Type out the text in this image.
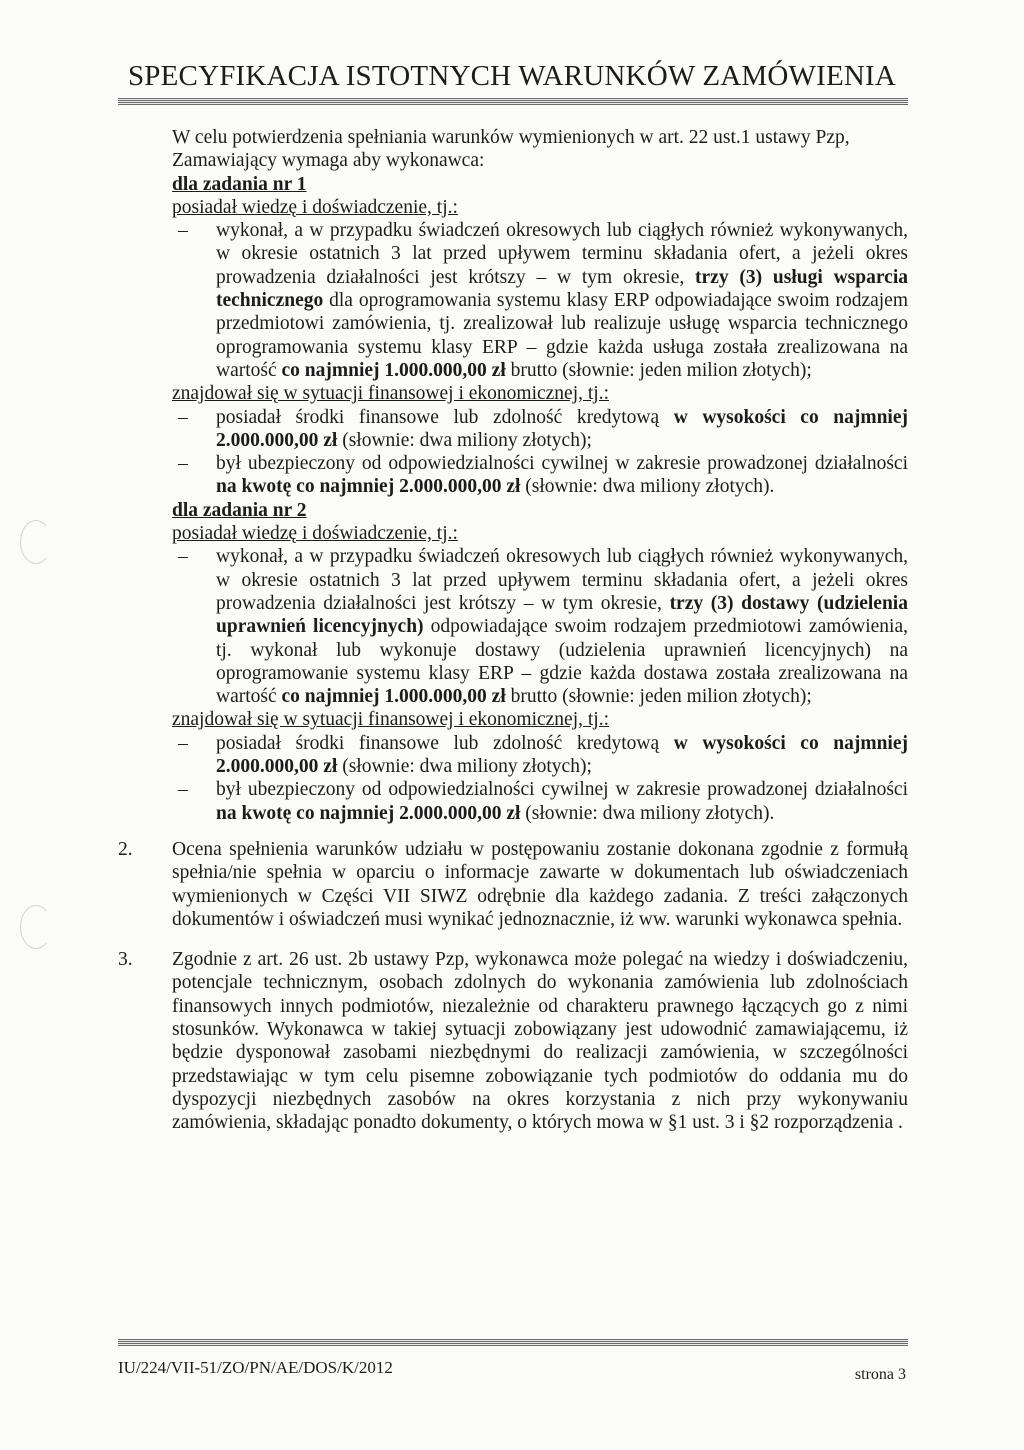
SPECYFIKACJA ISTOTNYCH WARUNKÓW ZAMÓWIENIA

W celu potwierdzenia spełniania warunków wymienionych w art. 22 ust.1 ustawy Pzp,

Zamawiający wymaga aby wykonawca:

dla zadania nr 1

posiadał wiedzę i doświadczenie, tj.:

– wykonał, a w przypadku świadczeń okresowych lub ciągłych również wykonywanych, w okresie ostatnich 3 lat przed upływem terminu składania ofert, a jeżeli okres prowadzenia działalności jest krótszy – w tym okresie, trzy (3) usługi wsparcia technicznego dla oprogramowania systemu klasy ERP odpowiadające swoim rodzajem przedmiotowi zamówienia, tj. zrealizował lub realizuje usługę wsparcia technicznego oprogramowania systemu klasy ERP – gdzie każda usługa została zrealizowana na wartość co najmniej 1.000.000,00 zł brutto (słownie: jeden milion złotych);

znajdował się w sytuacji finansowej i ekonomicznej, tj.:

– posiadał środki finansowe lub zdolność kredytową w wysokości co najmniej 2.000.000,00 zł (słownie: dwa miliony złotych);
– był ubezpieczony od odpowiedzialności cywilnej w zakresie prowadzonej działalności na kwotę co najmniej 2.000.000,00 zł (słownie: dwa miliony złotych).

dla zadania nr 2

posiadał wiedzę i doświadczenie, tj.:

– wykonał, a w przypadku świadczeń okresowych lub ciągłych również wykonywanych, w okresie ostatnich 3 lat przed upływem terminu składania ofert, a jeżeli okres prowadzenia działalności jest krótszy – w tym okresie, trzy (3) dostawy (udzielenia uprawnień licencyjnych) odpowiadające swoim rodzajem przedmiotowi zamówienia, tj. wykonał lub wykonuje dostawy (udzielenia uprawnień licencyjnych) na oprogramowanie systemu klasy ERP – gdzie każda dostawa została zrealizowana na wartość co najmniej 1.000.000,00 zł brutto (słownie: jeden milion złotych);

znajdował się w sytuacji finansowej i ekonomicznej, tj.:

– posiadał środki finansowe lub zdolność kredytową w wysokości co najmniej 2.000.000,00 zł (słownie: dwa miliony złotych);
– był ubezpieczony od odpowiedzialności cywilnej w zakresie prowadzonej działalności na kwotę co najmniej 2.000.000,00 zł (słownie: dwa miliony złotych).
2. Ocena spełnienia warunków udziału w postępowaniu zostanie dokonana zgodnie z formułą spełnia/nie spełnia w oparciu o informacje zawarte w dokumentach lub oświadczeniach wymienionych w Części VII SIWZ odrębnie dla każdego zadania. Z treści załączonych dokumentów i oświadczeń musi wynikać jednoznacznie, iż ww. warunki wykonawca spełnia.
3. Zgodnie z art. 26 ust. 2b ustawy Pzp, wykonawca może polegać na wiedzy i doświadczeniu, potencjale technicznym, osobach zdolnych do wykonania zamówienia lub zdolnościach finansowych innych podmiotów, niezależnie od charakteru prawnego łączących go z nimi stosunków. Wykonawca w takiej sytuacji zobowiązany jest udowodnić zamawiającemu, iż będzie dysponował zasobami niezbędnymi do realizacji zamówienia, w szczególności przedstawiając w tym celu pisemne zobowiązanie tych podmiotów do oddania mu do dyspozycji niezbędnych zasobów na okres korzystania z nich przy wykonywaniu zamówienia, składając ponadto dokumenty, o których mowa w §1 ust. 3 i §2 rozporządzenia .
IU/224/VII-51/ZO/PN/AE/DOS/K/2012	strona 3
